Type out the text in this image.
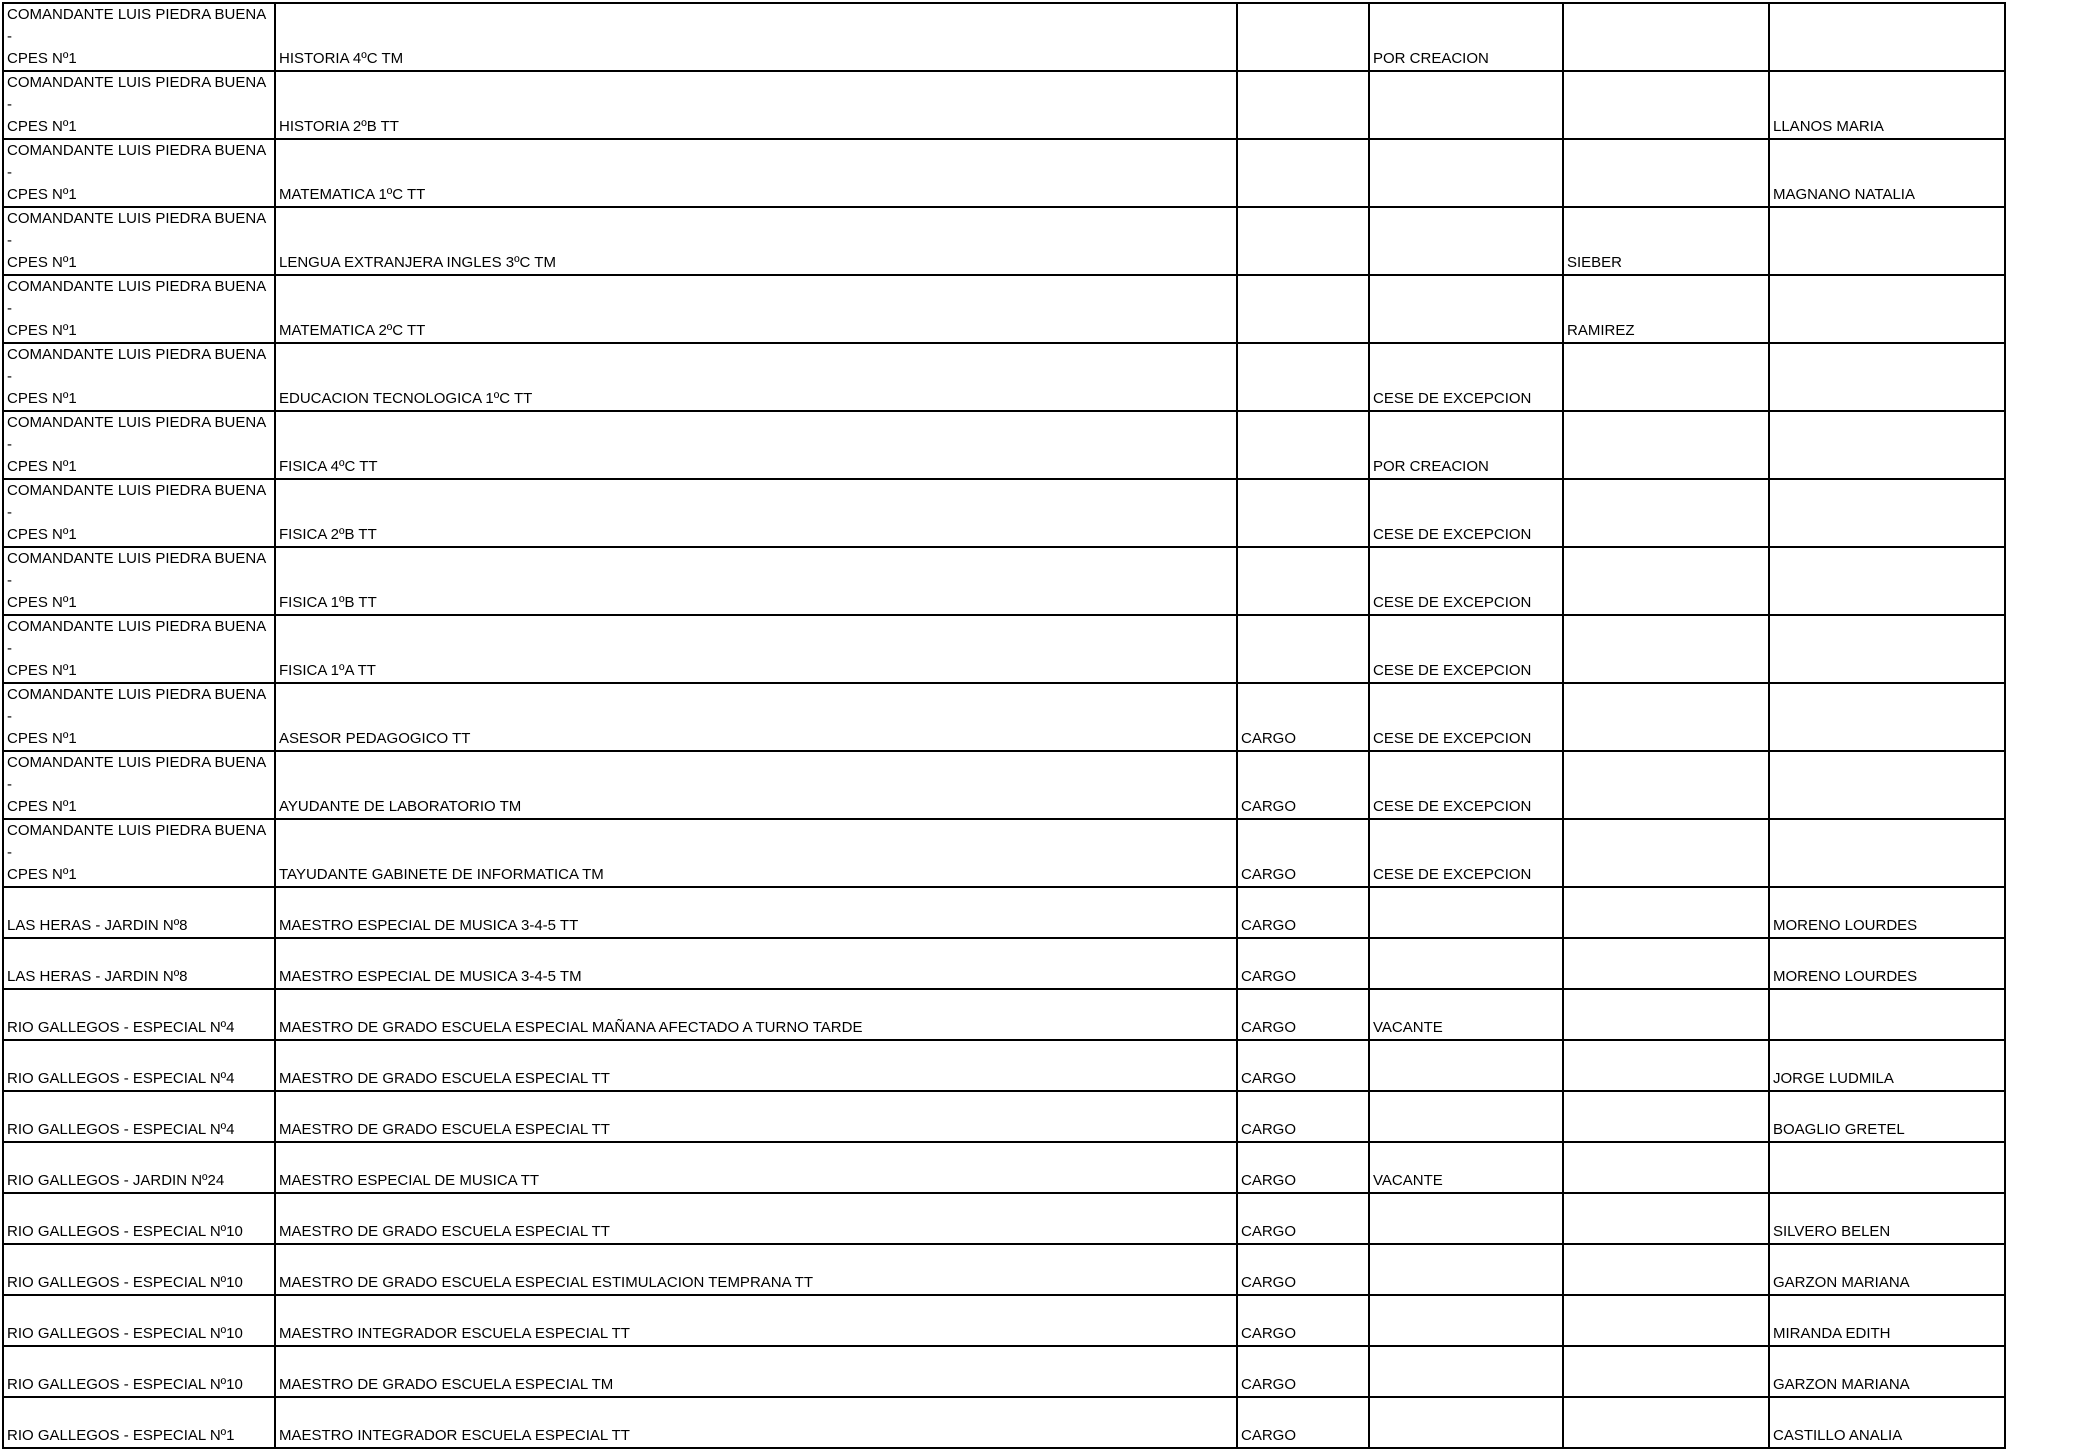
COMANDANTE LUIS PIEDRA BUENA -
CPES Nº1	HISTORIA 4ºC TM		POR CREACION		
COMANDANTE LUIS PIEDRA BUENA -
CPES Nº1	HISTORIA 2ºB TT				LLANOS MARIA
COMANDANTE LUIS PIEDRA BUENA -
CPES Nº1	MATEMATICA 1ºC TT				MAGNANO NATALIA
COMANDANTE LUIS PIEDRA BUENA -
CPES Nº1	LENGUA EXTRANJERA INGLES 3ºC TM			SIEBER	
COMANDANTE LUIS PIEDRA BUENA -
CPES Nº1	MATEMATICA 2ºC TT			RAMIREZ	
COMANDANTE LUIS PIEDRA BUENA -
CPES Nº1	EDUCACION TECNOLOGICA 1ºC TT		CESE DE EXCEPCION		
COMANDANTE LUIS PIEDRA BUENA -
CPES Nº1	FISICA 4ºC TT		POR CREACION		
COMANDANTE LUIS PIEDRA BUENA -
CPES Nº1	FISICA 2ºB TT		CESE DE EXCEPCION		
COMANDANTE LUIS PIEDRA BUENA -
CPES Nº1	FISICA 1ºB TT		CESE DE EXCEPCION		
COMANDANTE LUIS PIEDRA BUENA -
CPES Nº1	FISICA 1ºA TT		CESE DE EXCEPCION		
COMANDANTE LUIS PIEDRA BUENA -
CPES Nº1	ASESOR PEDAGOGICO TT	CARGO	CESE DE EXCEPCION		
COMANDANTE LUIS PIEDRA BUENA -
CPES Nº1	AYUDANTE DE LABORATORIO TM	CARGO	CESE DE EXCEPCION		
COMANDANTE LUIS PIEDRA BUENA -
CPES Nº1	TAYUDANTE GABINETE DE INFORMATICA TM	CARGO	CESE DE EXCEPCION		
LAS HERAS - JARDIN Nº8	MAESTRO ESPECIAL DE MUSICA 3-4-5 TT	CARGO			MORENO LOURDES
LAS HERAS - JARDIN Nº8	MAESTRO ESPECIAL DE MUSICA 3-4-5 TM	CARGO			MORENO LOURDES
RIO GALLEGOS - ESPECIAL Nº4	MAESTRO DE GRADO ESCUELA ESPECIAL MAÑANA AFECTADO A TURNO TARDE	CARGO	VACANTE		
RIO GALLEGOS - ESPECIAL Nº4	MAESTRO DE GRADO ESCUELA ESPECIAL TT	CARGO			JORGE LUDMILA
RIO GALLEGOS - ESPECIAL Nº4	MAESTRO DE GRADO ESCUELA ESPECIAL TT	CARGO			BOAGLIO GRETEL
RIO GALLEGOS - JARDIN Nº24	MAESTRO ESPECIAL DE MUSICA TT	CARGO	VACANTE		
RIO GALLEGOS - ESPECIAL Nº10	MAESTRO DE GRADO ESCUELA ESPECIAL TT	CARGO			SILVERO BELEN
RIO GALLEGOS - ESPECIAL Nº10	MAESTRO DE GRADO ESCUELA ESPECIAL ESTIMULACION TEMPRANA TT	CARGO			GARZON MARIANA
RIO GALLEGOS - ESPECIAL Nº10	MAESTRO INTEGRADOR ESCUELA ESPECIAL TT	CARGO			MIRANDA EDITH
RIO GALLEGOS - ESPECIAL Nº10	MAESTRO DE GRADO ESCUELA ESPECIAL TM	CARGO			GARZON MARIANA
RIO GALLEGOS - ESPECIAL Nº1	MAESTRO INTEGRADOR ESCUELA ESPECIAL TT	CARGO			CASTILLO ANALIA
